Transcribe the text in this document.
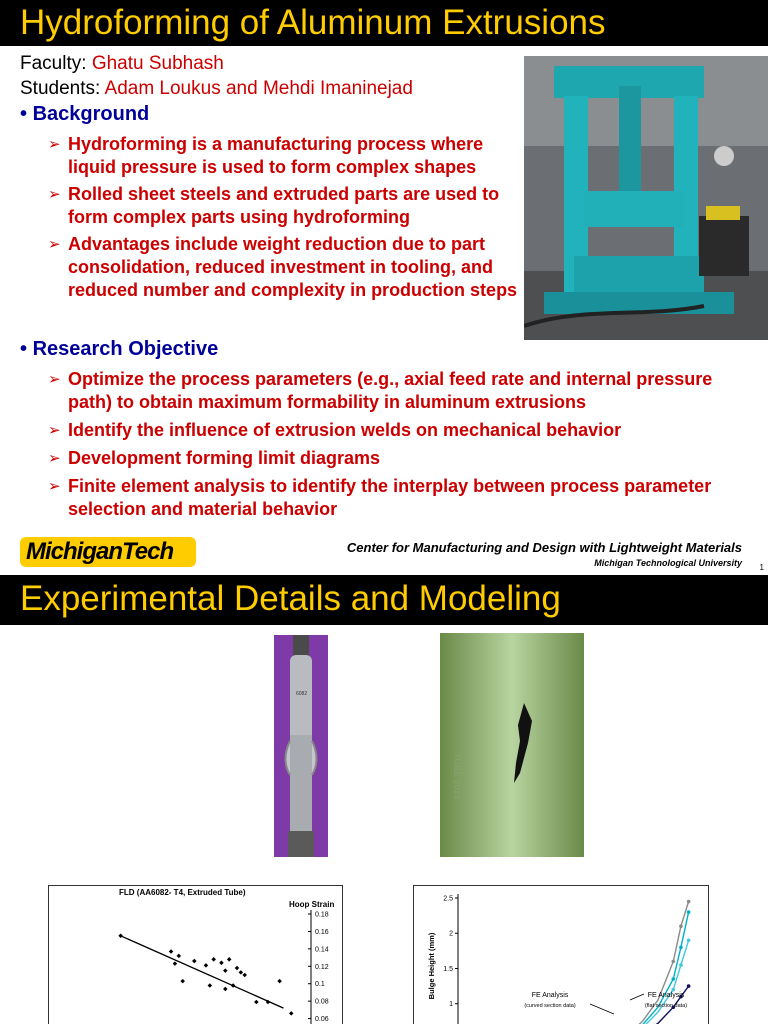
Hydroforming of Aluminum Extrusions
Faculty: Ghatu Subhash
Students: Adam Loukus and Mehdi Imaninejad
• Background
➢ Hydroforming is a manufacturing process where liquid pressure is used to form complex shapes
➢ Rolled sheet steels and extruded parts are used to form complex parts using hydroforming
➢ Advantages include weight reduction due to part consolidation, reduced investment in tooling, and reduced number and complexity in production steps
• Research Objective
➢ Optimize the process parameters (e.g., axial feed rate and internal pressure path) to obtain maximum formability in aluminum extrusions
➢ Identify the influence of extrusion welds on mechanical behavior
➢ Development forming limit diagrams
➢ Finite element analysis to identify the interplay between process parameter selection and material behavior
MichiganTech	Center for Manufacturing and Design with Lightweight Materials
Michigan Technological University 1
Experimental Details and Modeling
6082
TUBE 2024
FLD (AA6082- T4, Extruded Tube)
Hoop Strain
0.18
0.16
0.14
0.12
0.1
0.08
0.06
2.5
2
1.5
1
Bulge Height (mm)	FE Analysis
(curved section data)
FE Analysis
(flat section data)
